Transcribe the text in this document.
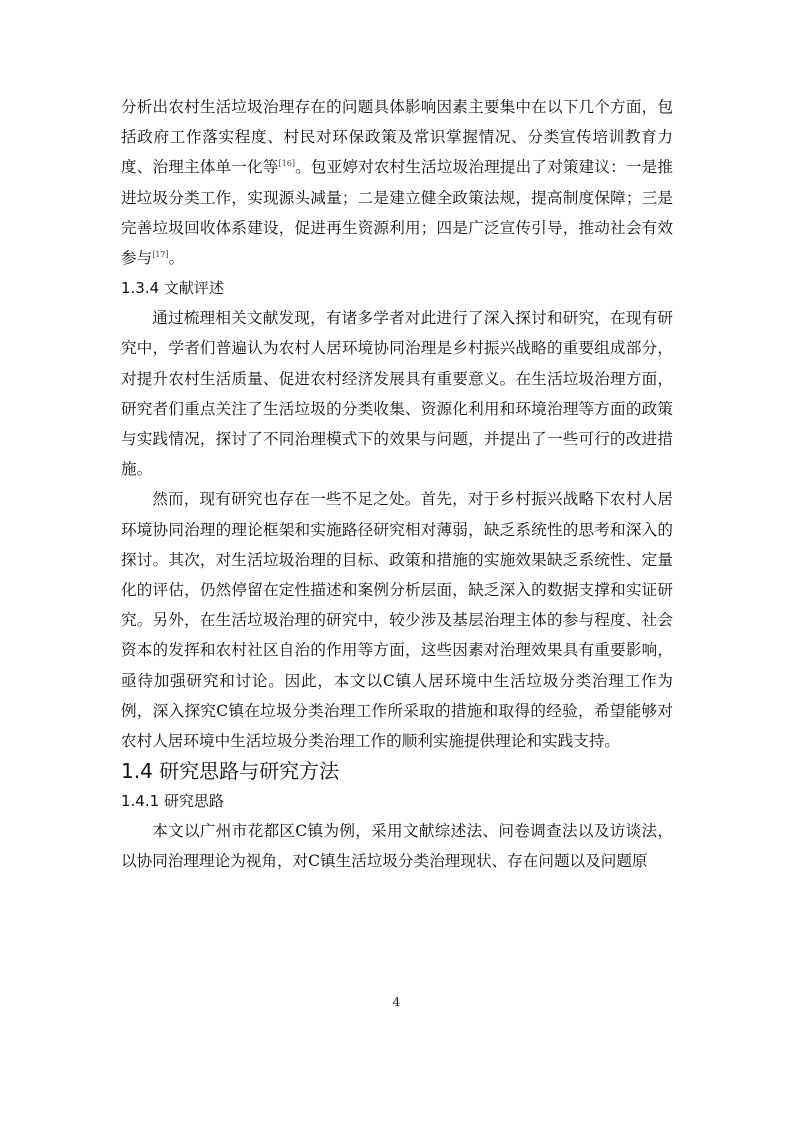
分析出农村生活垃圾治理存在的问题具体影响因素主要集中在以下几个方面，包括政府工作落实程度、村民对环保政策及常识掌握情况、分类宣传培训教育力度、治理主体单一化等[16]。包亚婷对农村生活垃圾治理提出了对策建议：一是推进垃圾分类工作，实现源头减量；二是建立健全政策法规，提高制度保障；三是完善垃圾回收体系建设，促进再生资源利用；四是广泛宣传引导，推动社会有效参与[17]。

1.3.4 文献评述

通过梳理相关文献发现，有诸多学者对此进行了深入探讨和研究，在现有研究中，学者们普遍认为农村人居环境协同治理是乡村振兴战略的重要组成部分，对提升农村生活质量、促进农村经济发展具有重要意义。在生活垃圾治理方面，研究者们重点关注了生活垃圾的分类收集、资源化利用和环境治理等方面的政策与实践情况，探讨了不同治理模式下的效果与问题，并提出了一些可行的改进措施。

然而，现有研究也存在一些不足之处。首先，对于乡村振兴战略下农村人居环境协同治理的理论框架和实施路径研究相对薄弱，缺乏系统性的思考和深入的探讨。其次，对生活垃圾治理的目标、政策和措施的实施效果缺乏系统性、定量化的评估，仍然停留在定性描述和案例分析层面，缺乏深入的数据支撑和实证研究。另外，在生活垃圾治理的研究中，较少涉及基层治理主体的参与程度、社会资本的发挥和农村社区自治的作用等方面，这些因素对治理效果具有重要影响，亟待加强研究和讨论。因此，本文以C镇人居环境中生活垃圾分类治理工作为例，深入探究C镇在垃圾分类治理工作所采取的措施和取得的经验，希望能够对农村人居环境中生活垃圾分类治理工作的顺利实施提供理论和实践支持。

1.4 研究思路与研究方法
1.4.1 研究思路

本文以广州市花都区C镇为例，采用文献综述法、问卷调查法以及访谈法，以协同治理理论为视角，对C镇生活垃圾分类治理现状、存在问题以及问题原

4
